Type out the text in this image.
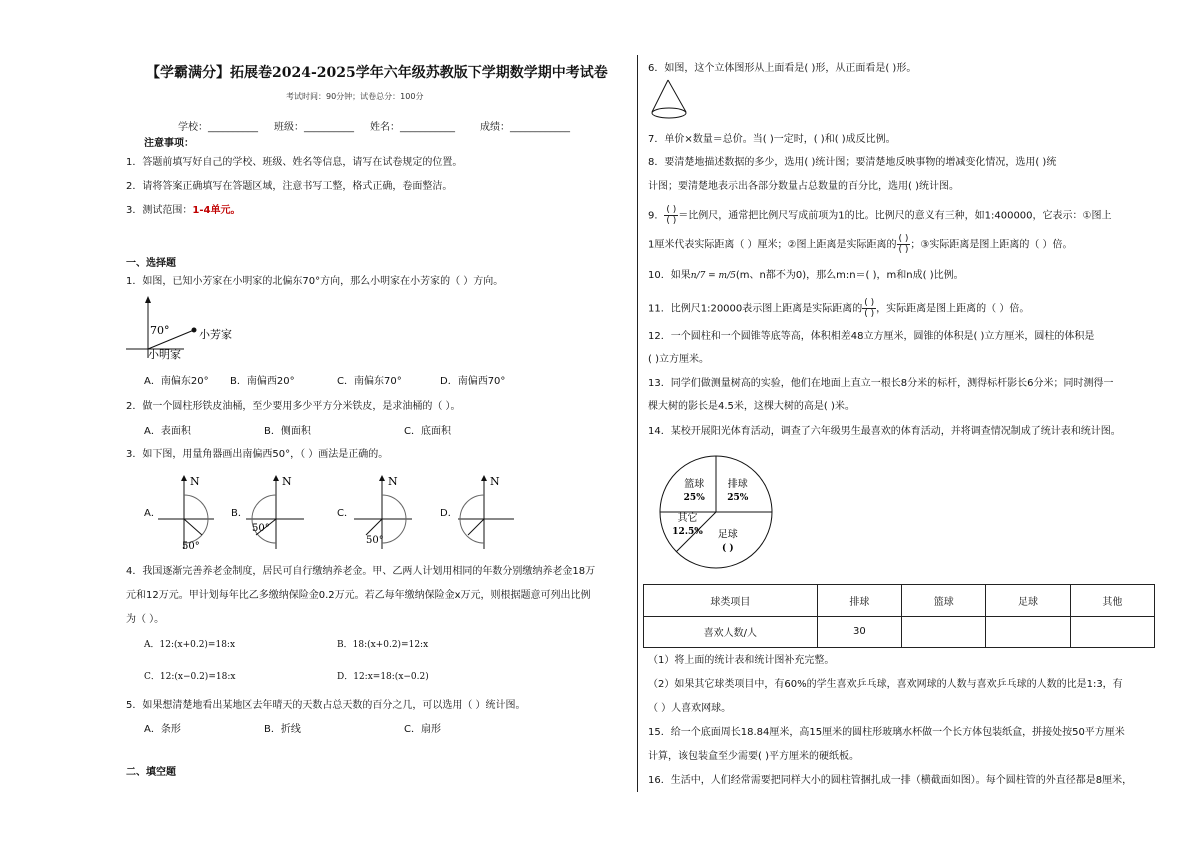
【学霸满分】拓展卷2024-2025学年六年级苏教版下学期数学期中考试卷
考试时间：90分钟；试卷总分：100分
学校：__________ 班级：__________ 姓名：___________	成绩：____________
注意事项：
1．答题前填写好自己的学校、班级、姓名等信息，请写在试卷规定的位置。
2．请将答案正确填写在答题区域，注意书写工整，格式正确，卷面整洁。
3．测试范围：1-4单元。
一、选择题
1．如图，已知小芳家在小明家的北偏东70°方向，那么小明家在小芳家的（ ）方向。
70°	小芳家
小明家
A．南偏东20° B．南偏西20°	C．南偏东70°	D．南偏西70°
2．做一个圆柱形铁皮油桶，至少要用多少平方分米铁皮，是求油桶的（ ）。
A．表面积	B．侧面积	C．底面积
3．如下图，用量角器画出南偏西50°，（ ）画法是正确的。
A．
N
50°
B．
N
50°
C．
N
50°
D．
N
4．我国逐渐完善养老金制度，居民可自行缴纳养老金。甲、乙两人计划用相同的年数分别缴纳养老金18万
元和12万元。甲计划每年比乙多缴纳保险金0.2万元。若乙每年缴纳保险金x万元，则根据题意可列出比例
为（ ）。
A．12:(x+0.2)=18:x	B．18:(x+0.2)=12:x
C．12:(x−0.2)=18:x	D．12:x=18:(x−0.2)
5．如果想清楚地看出某地区去年晴天的天数占总天数的百分之几，可以选用（ ）统计图。
A．条形	B．折线	C．扇形
二、填空题
6．如图，这个立体图形从上面看是( )形，从正面看是( )形。
7．单价×数量＝总价。当( )一定时，( )和( )成反比例。
8．要清楚地描述数据的多少，选用( )统计图；要清楚地反映事物的增减变化情况，选用( )统
计图；要清楚地表示出各部分数量占总数量的百分比，选用( )统计图。
9． $\frac{( )}{( )}=$比例尺，通常把比例尺写成前项为1的比。比例尺的意义有三种，如1:400000，它表示：①图上
1厘米代表实际距离（ ）厘米；②图上距离是实际距离的 $\frac{( )}{( )}$；③实际距离是图上距离的（ ）倍。
10．如果n/7 = m/5(m、n都不为0)，那么m:n＝( )，m和n成( )比例。
11．比例尺1:20000表示图上距离是实际距离的 $\frac{( )}{( )}$，实际距离是图上距离的（ ）倍。
12．一个圆柱和一个圆锥等底等高，体积相差48立方厘米，圆锥的体积是( )立方厘米，圆柱的体积是
( )立方厘米。
13．同学们做测量树高的实验，他们在地面上直立一根长8分米的标杆，测得标杆影长6分米；同时测得一
棵大树的影长是4.5米，这棵大树的高是( )米。
14．某校开展阳光体育活动，调查了六年级男生最喜欢的体育活动，并将调查情况制成了统计表和统计图。
排球
25%
足球
( )
其它
12.5%
篮球
25%
球类项目	排球	篮球	足球	其他
喜欢人数/人	30			
（1）将上面的统计表和统计图补充完整。
（2）如果其它球类项目中，有60%的学生喜欢乒乓球，喜欢网球的人数与喜欢乒乓球的人数的比是1:3，有
（ ）人喜欢网球。
15．给一个底面周长18.84厘米，高15厘米的圆柱形玻璃水杯做一个长方体包装纸盒，拼接处按50平方厘米
计算，该包装盒至少需要( )平方厘米的硬纸板。
16．生活中，人们经常需要把同样大小的圆柱管捆扎成一排（横截面如图）。每个圆柱管的外直径都是8厘米，
